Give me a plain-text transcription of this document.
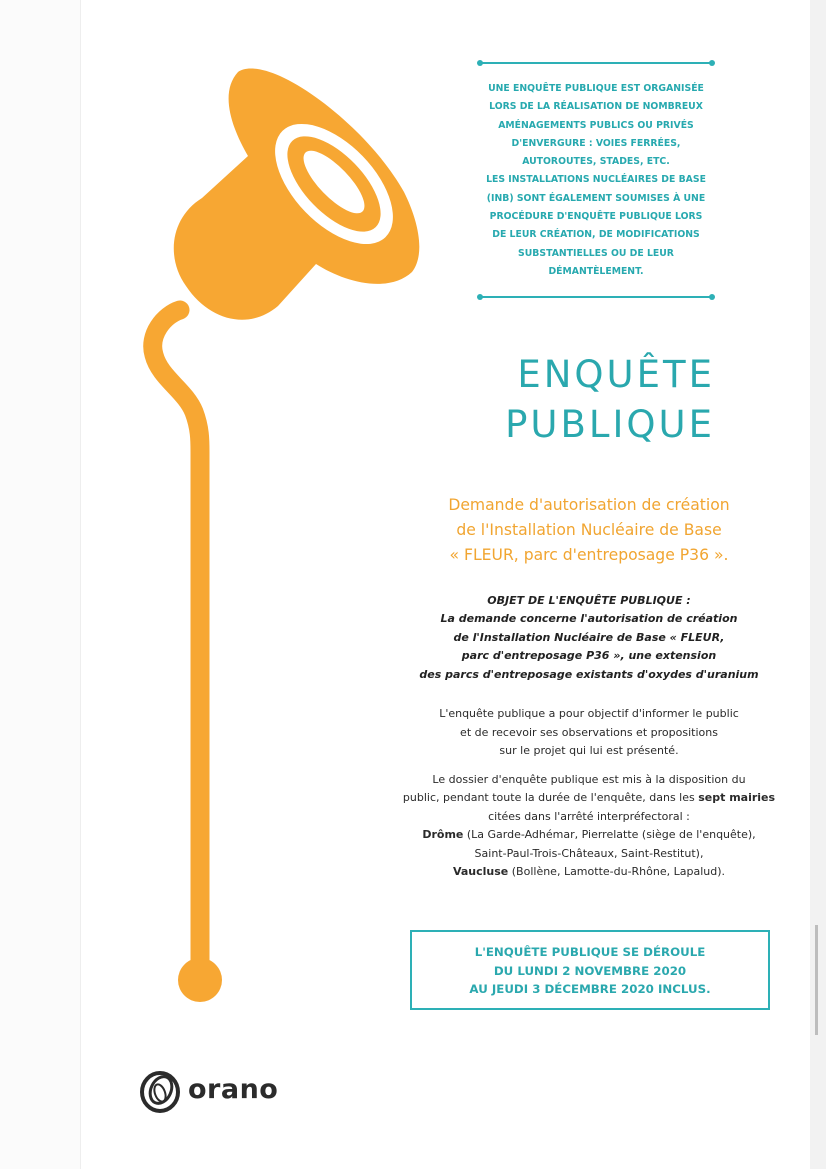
UNE ENQUÊTE PUBLIQUE EST ORGANISÉE
LORS DE LA RÉALISATION DE NOMBREUX
AMÉNAGEMENTS PUBLICS OU PRIVÉS
D'ENVERGURE : VOIES FERRÉES,
AUTOROUTES, STADES, ETC.
LES INSTALLATIONS NUCLÉAIRES DE BASE
(INB) SONT ÉGALEMENT SOUMISES À UNE
PROCÉDURE D'ENQUÊTE PUBLIQUE LORS
DE LEUR CRÉATION, DE MODIFICATIONS
SUBSTANTIELLES OU DE LEUR
DÉMANTÈLEMENT.

ENQUÊTE
PUBLIQUE
Demande d'autorisation de création
de l'Installation Nucléaire de Base
« FLEUR, parc d'entreposage P36 ».
OBJET DE L'ENQUÊTE PUBLIQUE :
La demande concerne l'autorisation de création
de l'Installation Nucléaire de Base « FLEUR,
parc d'entreposage P36 », une extension
des parcs d'entreposage existants d'oxydes d'uranium

L'enquête publique a pour objectif d'informer le public
et de recevoir ses observations et propositions
sur le projet qui lui est présenté.

Le dossier d'enquête publique est mis à la disposition du
public, pendant toute la durée de l'enquête, dans les sept mairies
citées dans l'arrêté interpréfectoral :
Drôme (La Garde-Adhémar, Pierrelatte (siège de l'enquête),
Saint-Paul-Trois-Châteaux, Saint-Restitut),
Vaucluse (Bollène, Lamotte-du-Rhône, Lapalud).

L'ENQUÊTE PUBLIQUE SE DÉROULE
DU LUNDI 2 NOVEMBRE 2020
AU JEUDI 3 DÉCEMBRE 2020 INCLUS.
orano
